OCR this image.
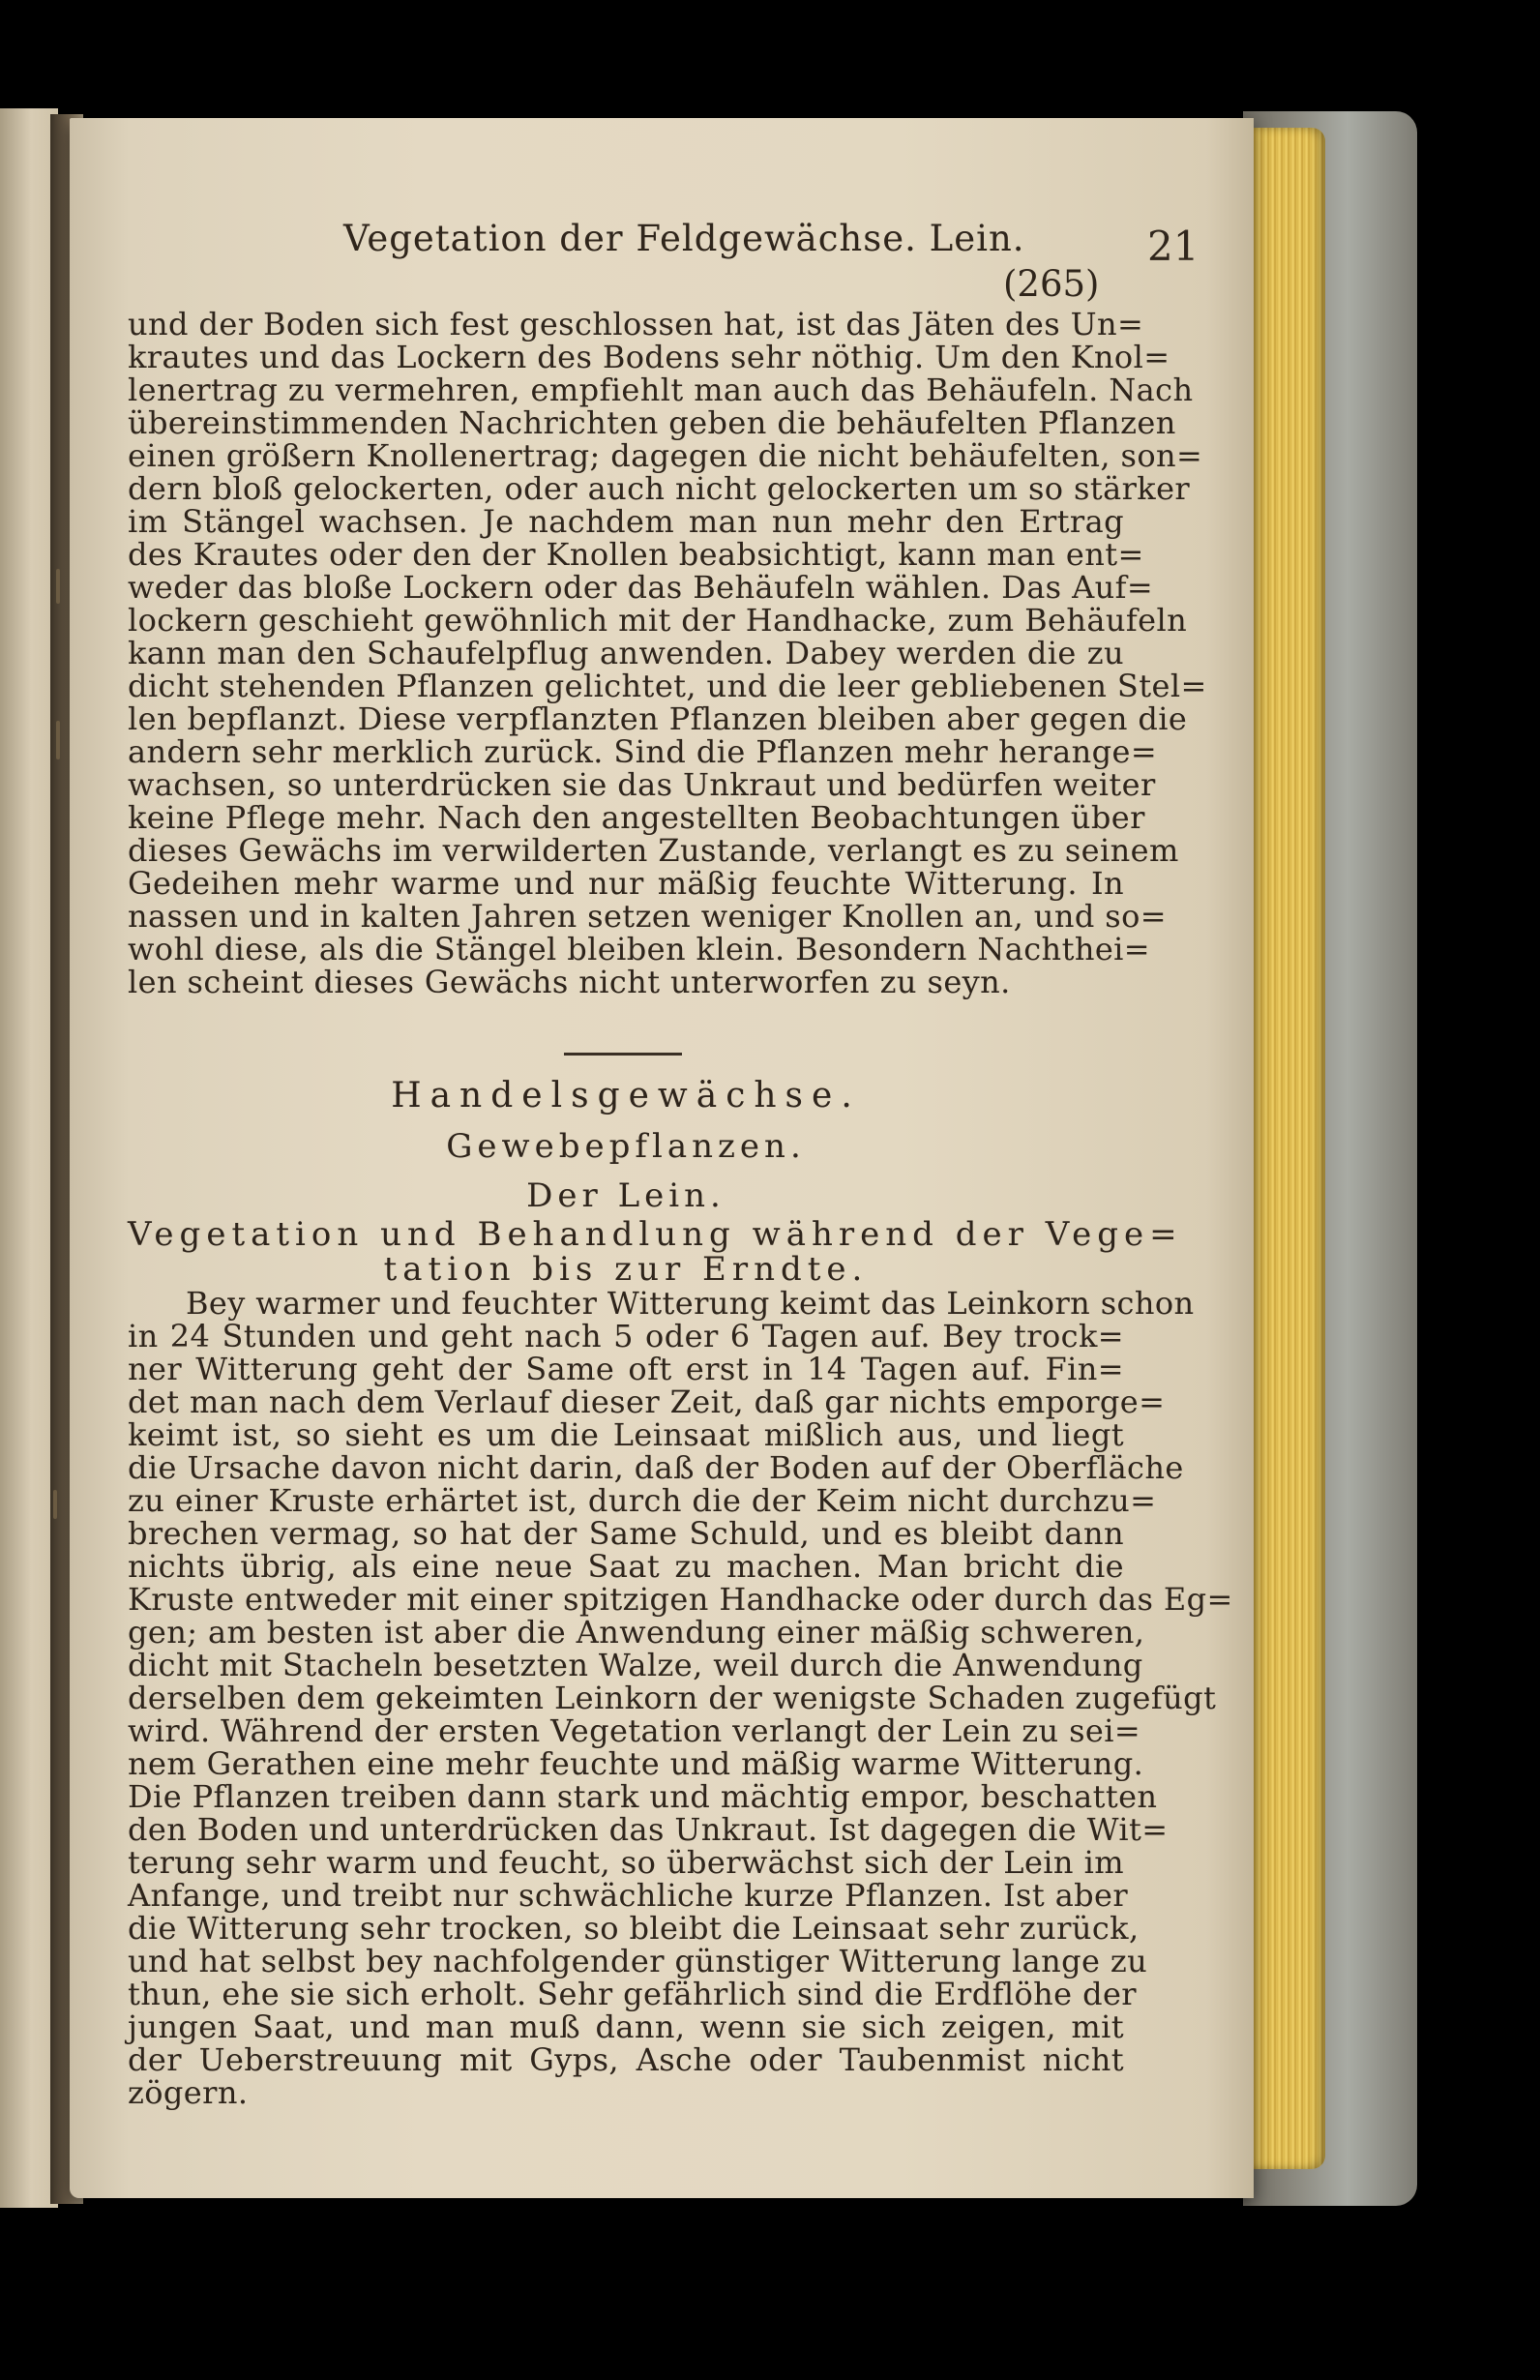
Vegetation der Feldgewächse. Lein.	21
(265)
und der Boden sich fest geschlossen hat, ist das Jäten des Un=
krautes und das Lockern des Bodens sehr nöthig. Um den Knol=
lenertrag zu vermehren, empfiehlt man auch das Behäufeln. Nach
übereinstimmenden Nachrichten geben die behäufelten Pflanzen
einen größern Knollenertrag; dagegen die nicht behäufelten, son=
dern bloß gelockerten, oder auch nicht gelockerten um so stärker
im Stängel wachsen. Je nachdem man nun mehr den Ertrag
des Krautes oder den der Knollen beabsichtigt, kann man ent=
weder das bloße Lockern oder das Behäufeln wählen. Das Auf=
lockern geschieht gewöhnlich mit der Handhacke, zum Behäufeln
kann man den Schaufelpflug anwenden. Dabey werden die zu
dicht stehenden Pflanzen gelichtet, und die leer gebliebenen Stel=
len bepflanzt. Diese verpflanzten Pflanzen bleiben aber gegen die
andern sehr merklich zurück. Sind die Pflanzen mehr herange=
wachsen, so unterdrücken sie das Unkraut und bedürfen weiter
keine Pflege mehr. Nach den angestellten Beobachtungen über
dieses Gewächs im verwilderten Zustande, verlangt es zu seinem
Gedeihen mehr warme und nur mäßig feuchte Witterung. In
nassen und in kalten Jahren setzen weniger Knollen an, und so=
wohl diese, als die Stängel bleiben klein. Besondern Nachthei=
len scheint dieses Gewächs nicht unterworfen zu seyn.
Handelsgewächse.
Gewebepflanzen.
Der Lein.
Vegetation und Behandlung während der Vege=
tation bis zur Erndte.
Bey warmer und feuchter Witterung keimt das Leinkorn schon
in 24 Stunden und geht nach 5 oder 6 Tagen auf. Bey trock=
ner Witterung geht der Same oft erst in 14 Tagen auf. Fin=
det man nach dem Verlauf dieser Zeit, daß gar nichts emporge=
keimt ist, so sieht es um die Leinsaat mißlich aus, und liegt
die Ursache davon nicht darin, daß der Boden auf der Oberfläche
zu einer Kruste erhärtet ist, durch die der Keim nicht durchzu=
brechen vermag, so hat der Same Schuld, und es bleibt dann
nichts übrig, als eine neue Saat zu machen. Man bricht die
Kruste entweder mit einer spitzigen Handhacke oder durch das Eg=
gen; am besten ist aber die Anwendung einer mäßig schweren,
dicht mit Stacheln besetzten Walze, weil durch die Anwendung
derselben dem gekeimten Leinkorn der wenigste Schaden zugefügt
wird. Während der ersten Vegetation verlangt der Lein zu sei=
nem Gerathen eine mehr feuchte und mäßig warme Witterung.
Die Pflanzen treiben dann stark und mächtig empor, beschatten
den Boden und unterdrücken das Unkraut. Ist dagegen die Wit=
terung sehr warm und feucht, so überwächst sich der Lein im
Anfange, und treibt nur schwächliche kurze Pflanzen. Ist aber
die Witterung sehr trocken, so bleibt die Leinsaat sehr zurück,
und hat selbst bey nachfolgender günstiger Witterung lange zu
thun, ehe sie sich erholt. Sehr gefährlich sind die Erdflöhe der
jungen Saat, und man muß dann, wenn sie sich zeigen, mit
der Ueberstreuung mit Gyps, Asche oder Taubenmist nicht
zögern.
